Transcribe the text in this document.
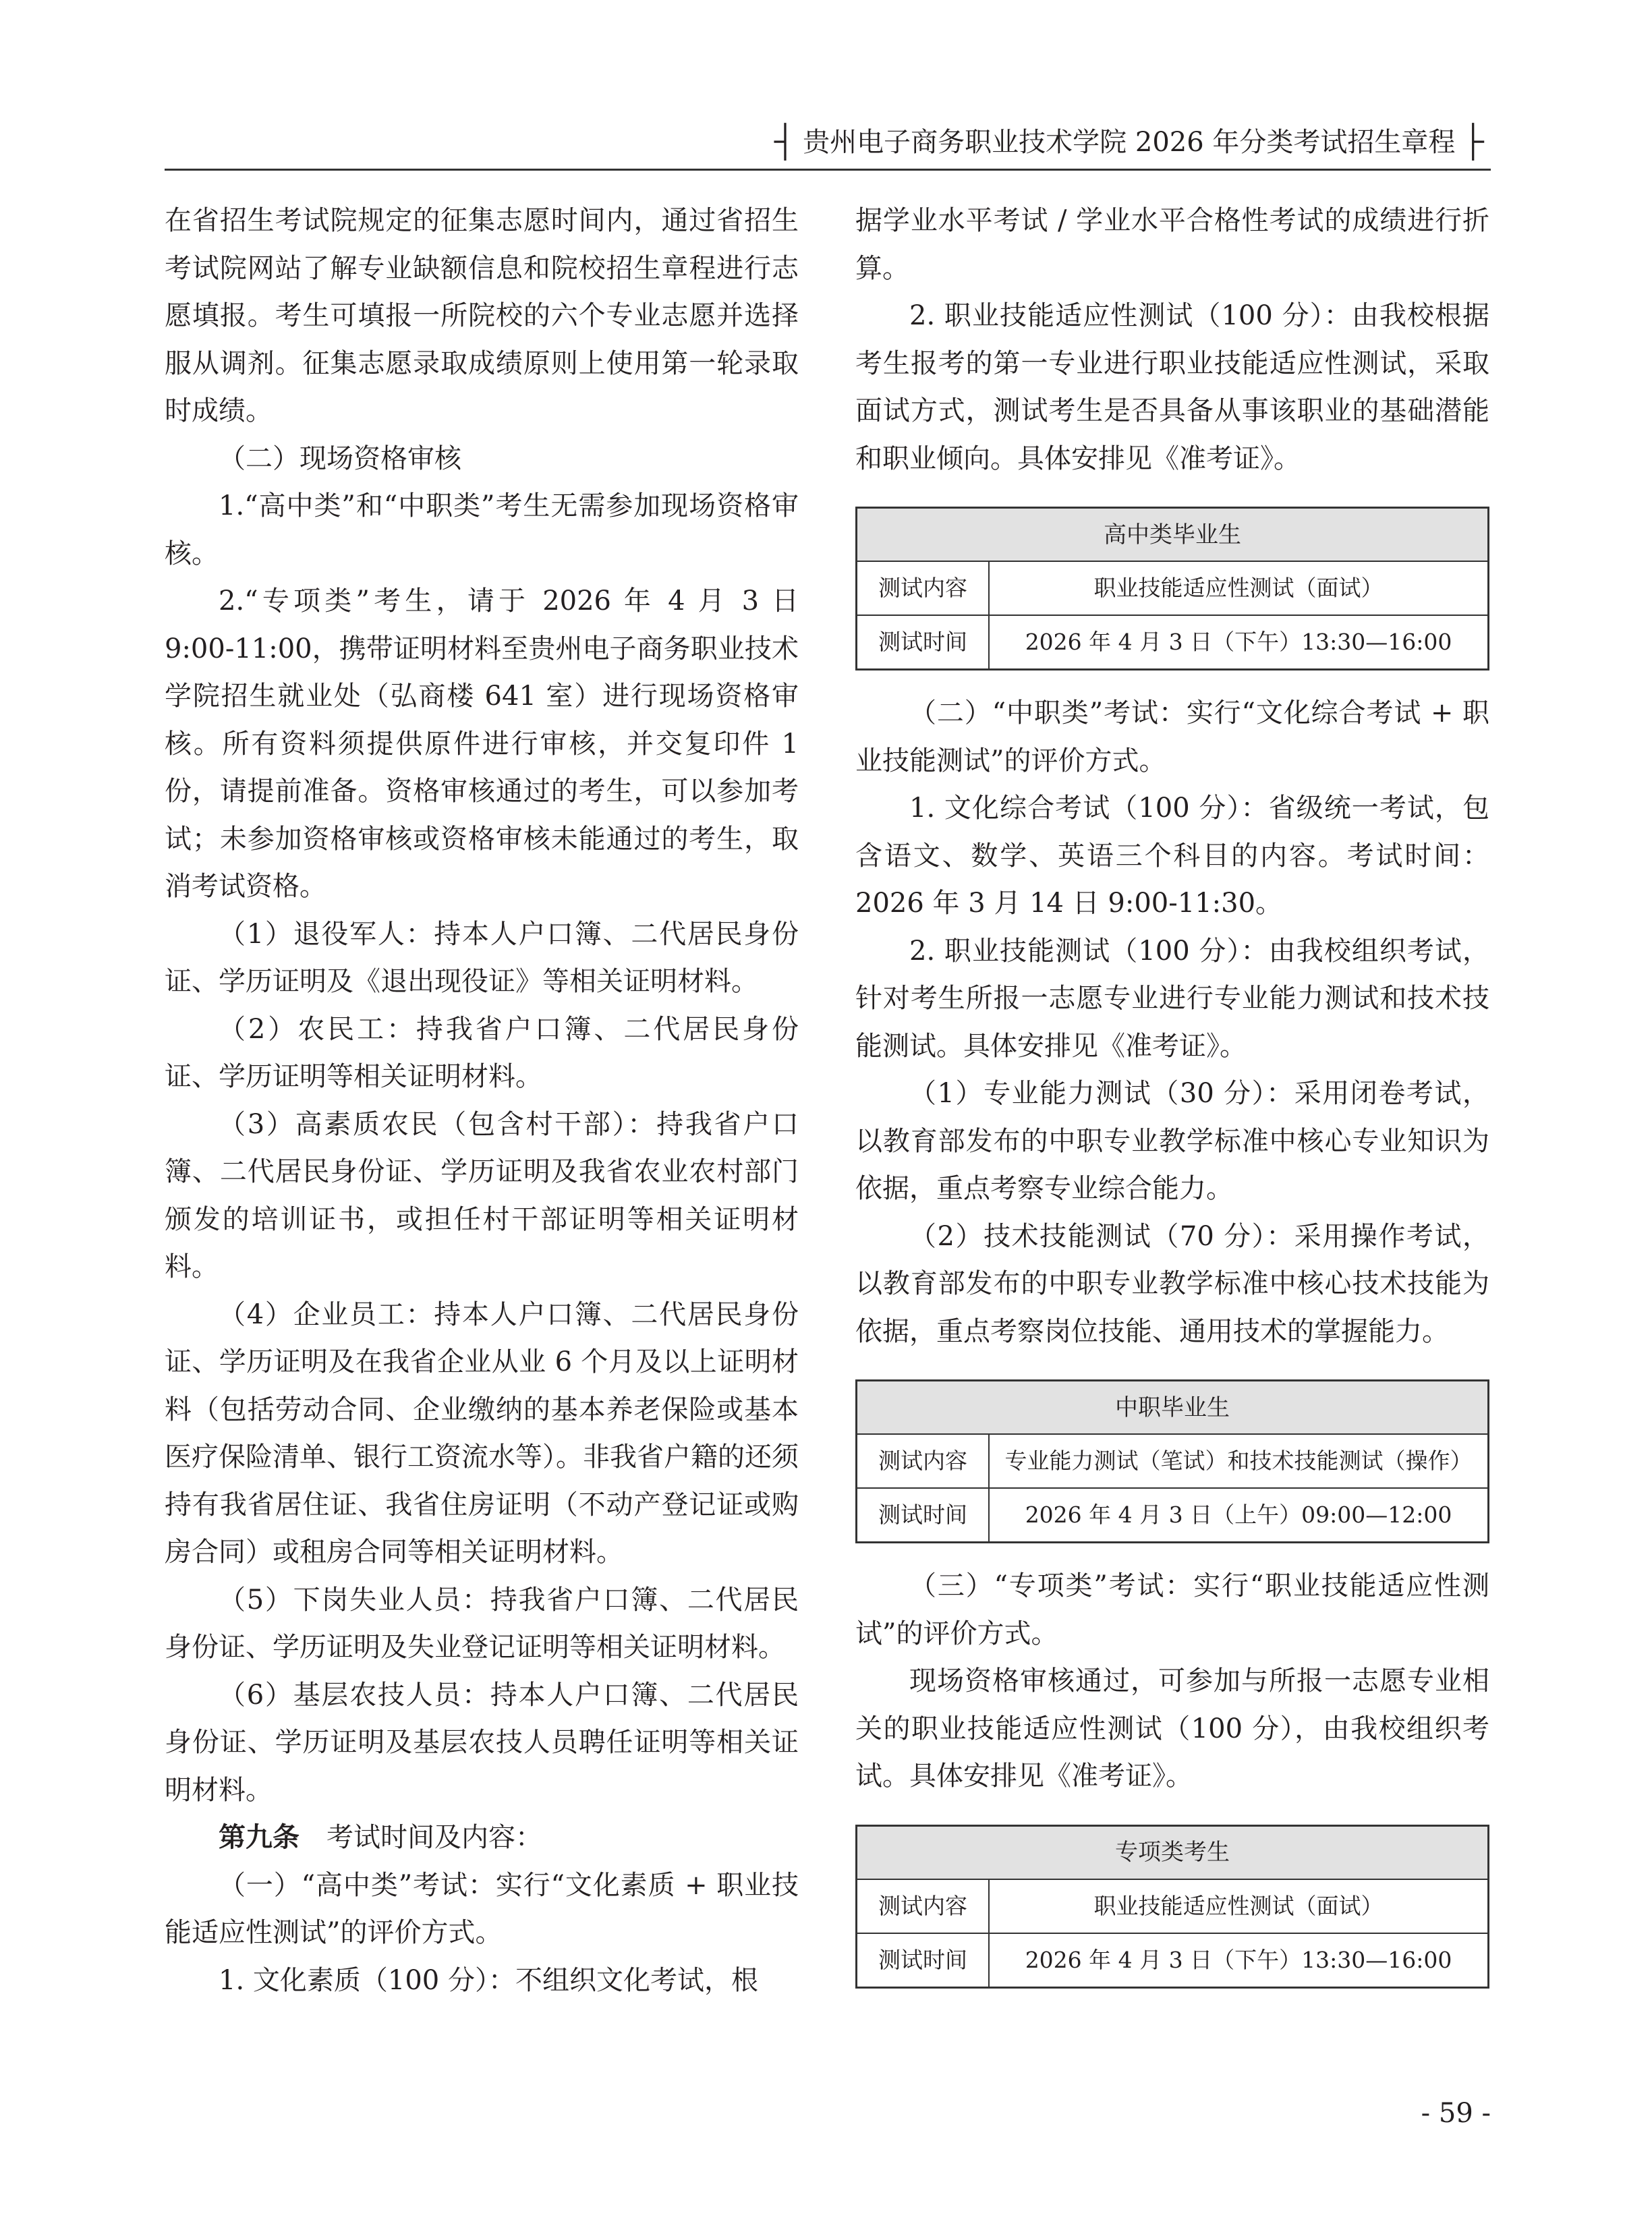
┤ 贵州电子商务职业技术学院 2026 年分类考试招生章程 ├

在省招生考试院规定的征集志愿时间内，通过省招生考试院网站了解专业缺额信息和院校招生章程进行志愿填报。考生可填报一所院校的六个专业志愿并选择服从调剂。征集志愿录取成绩原则上使用第一轮录取时成绩。

（二）现场资格审核

1.“高中类”和“中职类”考生无需参加现场资格审核。

2.“专项类”考生，请于 2026 年 4 月 3 日 9:00-11:00，携带证明材料至贵州电子商务职业技术学院招生就业处（弘商楼 641 室）进行现场资格审核。所有资料须提供原件进行审核，并交复印件 1 份，请提前准备。资格审核通过的考生，可以参加考试；未参加资格审核或资格审核未能通过的考生，取消考试资格。

（1）退役军人：持本人户口簿、二代居民身份证、学历证明及《退出现役证》等相关证明材料。

（2）农民工：持我省户口簿、二代居民身份证、学历证明等相关证明材料。

（3）高素质农民（包含村干部）：持我省户口簿、二代居民身份证、学历证明及我省农业农村部门颁发的培训证书，或担任村干部证明等相关证明材料。

（4）企业员工：持本人户口簿、二代居民身份证、学历证明及在我省企业从业 6 个月及以上证明材料（包括劳动合同、企业缴纳的基本养老保险或基本医疗保险清单、银行工资流水等）。非我省户籍的还须持有我省居住证、我省住房证明（不动产登记证或购房合同）或租房合同等相关证明材料。

（5）下岗失业人员：持我省户口簿、二代居民身份证、学历证明及失业登记证明等相关证明材料。

（6）基层农技人员：持本人户口簿、二代居民身份证、学历证明及基层农技人员聘任证明等相关证明材料。

第九条　 考试时间及内容：

（一）“高中类”考试：实行“文化素质 + 职业技能适应性测试”的评价方式。

1. 文化素质（100 分）：不组织文化考试，根

据学业水平考试 / 学业水平合格性考试的成绩进行折算。

2. 职业技能适应性测试（100 分）：由我校根据考生报考的第一专业进行职业技能适应性测试，采取面试方式，测试考生是否具备从事该职业的基础潜能和职业倾向。具体安排见《准考证》。

高中类毕业生	
测试内容	职业技能适应性测试（面试）
测试时间	2026 年 4 月 3 日（下午）13:30—16:00

（二）“中职类”考试：实行“文化综合考试 + 职业技能测试”的评价方式。

1. 文化综合考试（100 分）：省级统一考试，包含语文、数学、英语三个科目的内容。考试时间：2026 年 3 月 14 日 9:00-11:30。

2. 职业技能测试（100 分）：由我校组织考试，针对考生所报一志愿专业进行专业能力测试和技术技能测试。具体安排见《准考证》。

（1）专业能力测试（30 分）：采用闭卷考试，以教育部发布的中职专业教学标准中核心专业知识为依据，重点考察专业综合能力。

（2）技术技能测试（70 分）：采用操作考试，以教育部发布的中职专业教学标准中核心技术技能为依据，重点考察岗位技能、通用技术的掌握能力。

中职毕业生	
测试内容	专业能力测试（笔试）和技术技能测试（操作）
测试时间	2026 年 4 月 3 日（上午）09:00—12:00

（三）“专项类”考试：实行“职业技能适应性测试”的评价方式。

现场资格审核通过，可参加与所报一志愿专业相关的职业技能适应性测试（100 分），由我校组织考试。具体安排见《准考证》。

专项类考生	
测试内容	职业技能适应性测试（面试）
测试时间	2026 年 4 月 3 日（下午）13:30—16:00
- 59 -
